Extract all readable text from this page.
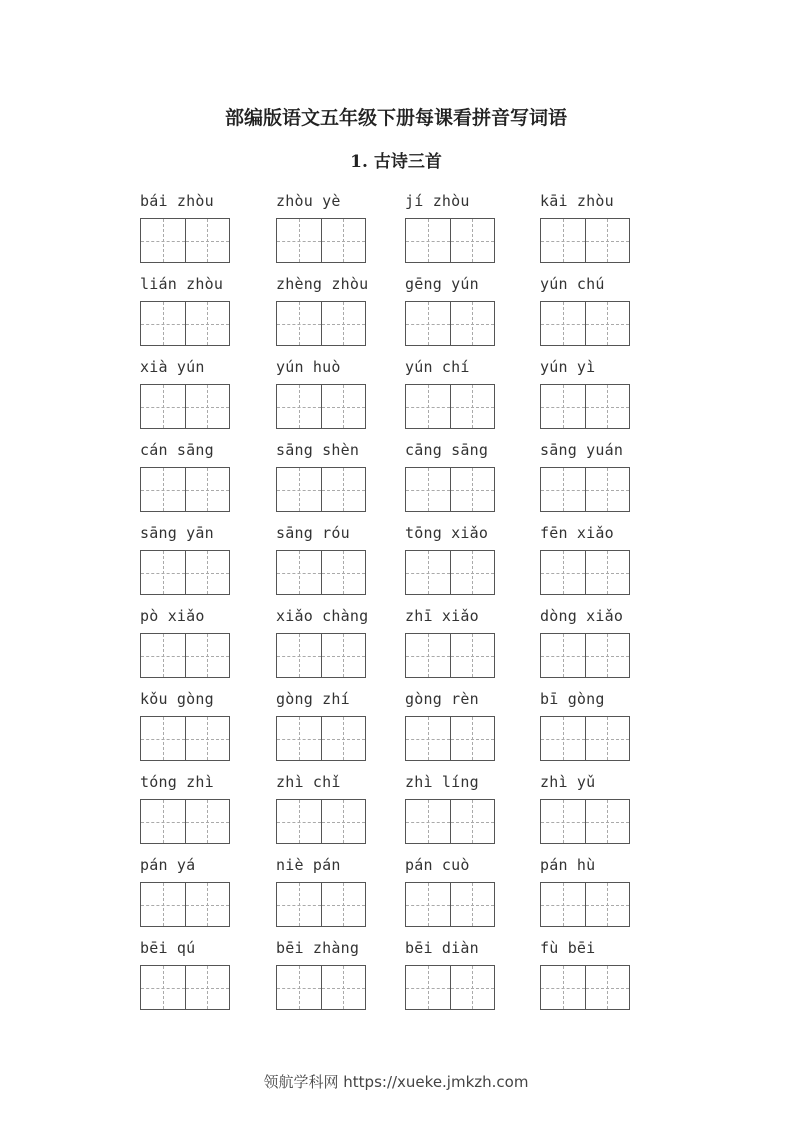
部编版语文五年级下册每课看拼音写词语
1. 古诗三首
bái zhòu	zhòu yè	jí zhòu	kāi zhòu
lián zhòu	zhèng zhòu	gēng yún	yún chú
xià yún	yún huò	yún chí	yún yì
cán sāng	sāng shèn	cāng sāng	sāng yuán
sāng yān	sāng róu	tōng xiǎo	fēn xiǎo
pò xiǎo	xiǎo chàng	zhī xiǎo	dòng xiǎo
kǒu gòng	gòng zhí	gòng rèn	bī gòng
tóng zhì	zhì chǐ	zhì líng	zhì yǔ
pán yá	niè pán	pán cuò	pán hù
bēi qú	bēi zhàng	bēi diàn	fù bēi
领航学科网 https://xueke.jmkzh.com
